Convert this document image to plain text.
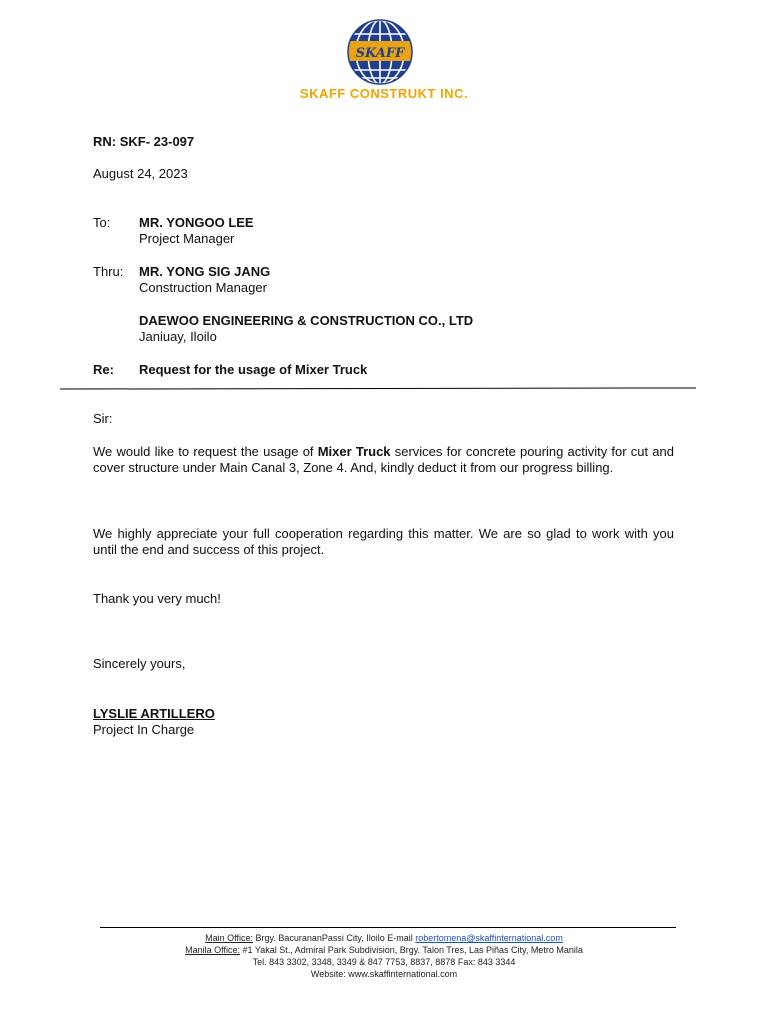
SKAFF
SKAFF CONSTRUKT INC.
RN: SKF- 23-097
August 24, 2023
To: MR. YONGOO LEE
Project Manager
Thru: MR. YONG SIG JANG
Construction Manager
DAEWOO ENGINEERING & CONSTRUCTION CO., LTD
Janiuay, Iloilo
Re: Request for the usage of Mixer Truck
Sir:
We would like to request the usage of Mixer Truck services for concrete pouring activity for cut and cover structure under Main Canal 3, Zone 4. And, kindly deduct it from our progress billing.
We highly appreciate your full cooperation regarding this matter. We are so glad to work with you until the end and success of this project.
Thank you very much!
Sincerely yours,
LYSLIE ARTILLERO
Project In Charge
Main Office: Brgy. BacurananPassi City, Iloilo E-mail robertomena@skaffinternational.com
Manila Office: #1 Yakal St., Admiral Park Subdivision, Brgy. Talon Tres, Las Piñas City, Metro Manila
Tel. 843 3302, 3348, 3349 & 847 7753, 8837, 8878 Fax: 843 3344
Website: www.skaffinternational.com
